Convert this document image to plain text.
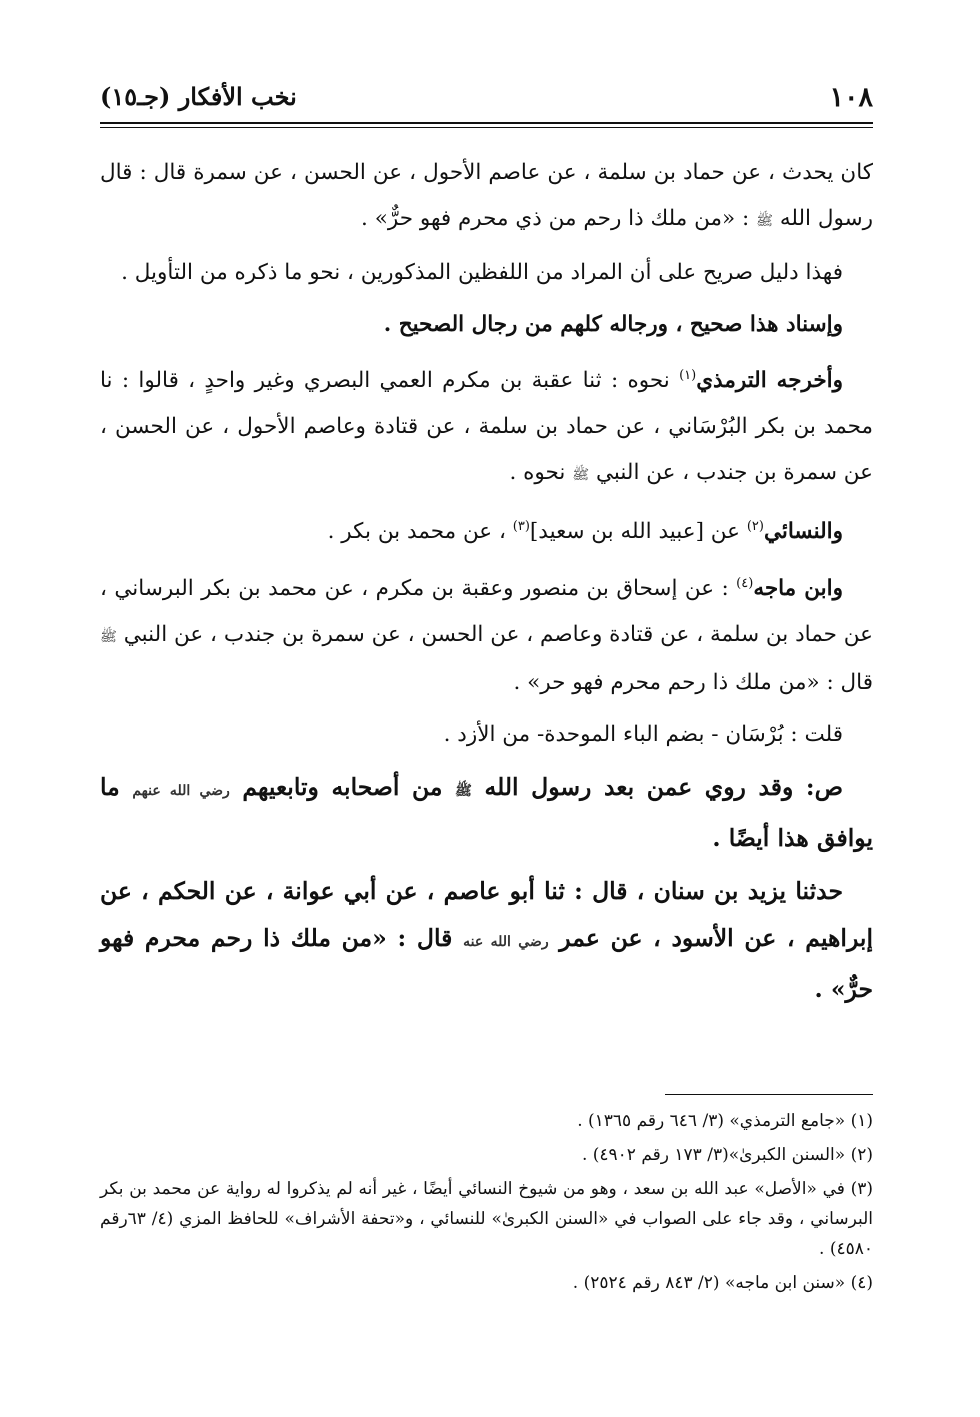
١٠٨
نخب الأفكار (جـ١٥)

كان يحدث ، عن حماد بن سلمة ، عن عاصم الأحول ، عن الحسن ، عن سمرة قال : قال رسول الله ﷺ : «من ملك ذا رحم من ذي محرم فهو حرٌّ» .

فهذا دليل صريح على أن المراد من اللفظين المذكورين ، نحو ما ذكره من التأويل .

وإسناد هذا صحيح ، ورجاله كلهم من رجال الصحيح .

وأخرجه الترمذي$^{(١)}$ نحوه : ثنا عقبة بن مكرم العمي البصري وغير واحدٍ ، قالوا : نا محمد بن بكر البُرْسَاني ، عن حماد بن سلمة ، عن قتادة وعاصم الأحول ، عن الحسن ، عن سمرة بن جندب ، عن النبي ﷺ نحوه .

والنسائي$^{(٢)}$ عن [عبيد الله بن سعيد]$^{(٣)}$ ، عن محمد بن بكر .

وابن ماجه$^{(٤)}$ : عن إسحاق بن منصور وعقبة بن مكرم ، عن محمد بن بكر البرساني ، عن حماد بن سلمة ، عن قتادة وعاصم ، عن الحسن ، عن سمرة بن جندب ، عن النبي ﷺ قال : «من ملك ذا رحم محرم فهو حر» .

قلت : بُرْسَان - بضم الباء الموحدة- من الأزد .

ص: وقد روي عمن بعد رسول الله ﷺ من أصحابه وتابعيهم رضي الله عنهم ما يوافق هذا أيضًا .

حدثنا يزيد بن سنان ، قال : ثنا أبو عاصم ، عن أبي عوانة ، عن الحكم ، عن إبراهيم ، عن الأسود ، عن عمر رضي الله عنه قال : «من ملك ذا رحم محرم فهو حرٌّ» .

(١) «جامع الترمذي» (٣/ ٦٤٦ رقم ١٣٦٥) .

(٢) «السنن الكبرىٰ»(٣/ ١٧٣ رقم ٤٩٠٢) .

(٣) في «الأصل» عبد الله بن سعد ، وهو من شيوخ النسائي أيضًا ، غير أنه لم يذكروا له رواية عن محمد بن بكر البرساني ، وقد جاء على الصواب في «السنن الكبرىٰ» للنسائي ، و«تحفة الأشراف» للحافظ المزي (٤/ ٦٣رقم ٤٥٨٠) .

(٤) «سنن ابن ماجه» (٢/ ٨٤٣ رقم ٢٥٢٤) .
